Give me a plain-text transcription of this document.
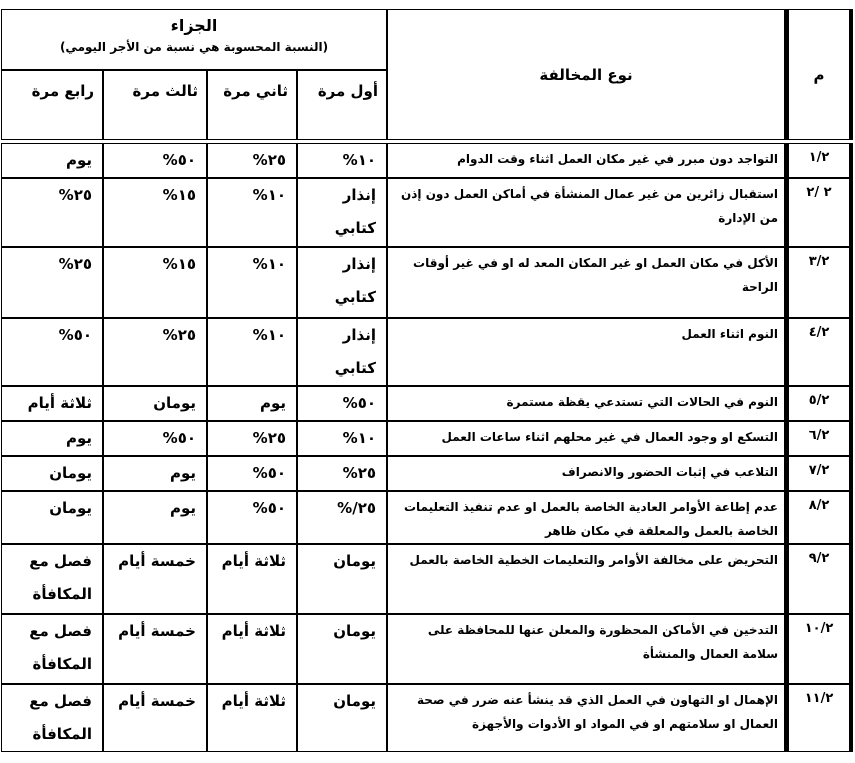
م	نوع المخالفة	الجزاء
(النسبة المحسوبة هي نسبة من الأجر اليومي)			

		أول مرة	ثاني مرة	ثالث مرة	رابع مرة

١/٢	التواجد دون مبرر في غير مكان العمل اثناء وقت الدوام	١٠%	٢٥%	٥٠%	يوم
٢ /٢	استقبال زائرين من غير عمال المنشأة في أماكن العمل دون إذن من الإدارة	إنذار كتابي	١٠%	١٥%	٢٥%
٣/٢	الأكل في مكان العمل او غير المكان المعد له او في غير أوقات الراحة	إنذار كتابي	١٠%	١٥%	٢٥%
٤/٢	النوم اثناء العمل	إنذار كتابي	١٠%	٢٥%	٥٠%
٥/٢	النوم في الحالات التي تستدعي يقظة مستمرة	٥٠%	يوم	يومان	ثلاثة أيام
٦/٢	التسكع او وجود العمال في غير محلهم اثناء ساعات العمل	١٠%	٢٥%	٥٠%	يوم
٧/٢	التلاعب في إثبات الحضور والانصراف	٢٥%	٥٠%	يوم	يومان
٨/٢	عدم إطاعة الأوامر العادية الخاصة بالعمل او عدم تنفيذ التعليمات الخاصة بالعمل والمعلقة في مكان ظاهر	٢٥/%	٥٠%	يوم	يومان
٩/٢	التحريض على مخالفة الأوامر والتعليمات الخطية الخاصة بالعمل	يومان	ثلاثة أيام	خمسة أيام	فصل مع المكافأة
١٠/٢	التدخين في الأماكن المحظورة والمعلن عنها للمحافظة على سلامة العمال والمنشأة	يومان	ثلاثة أيام	خمسة أيام	فصل مع المكافأة
١١/٢	الإهمال او التهاون في العمل الذي قد ينشأ عنه ضرر في صحة العمال او سلامتهم او في المواد او الأدوات والأجهزة	يومان	ثلاثة أيام	خمسة أيام	فصل مع المكافأة
